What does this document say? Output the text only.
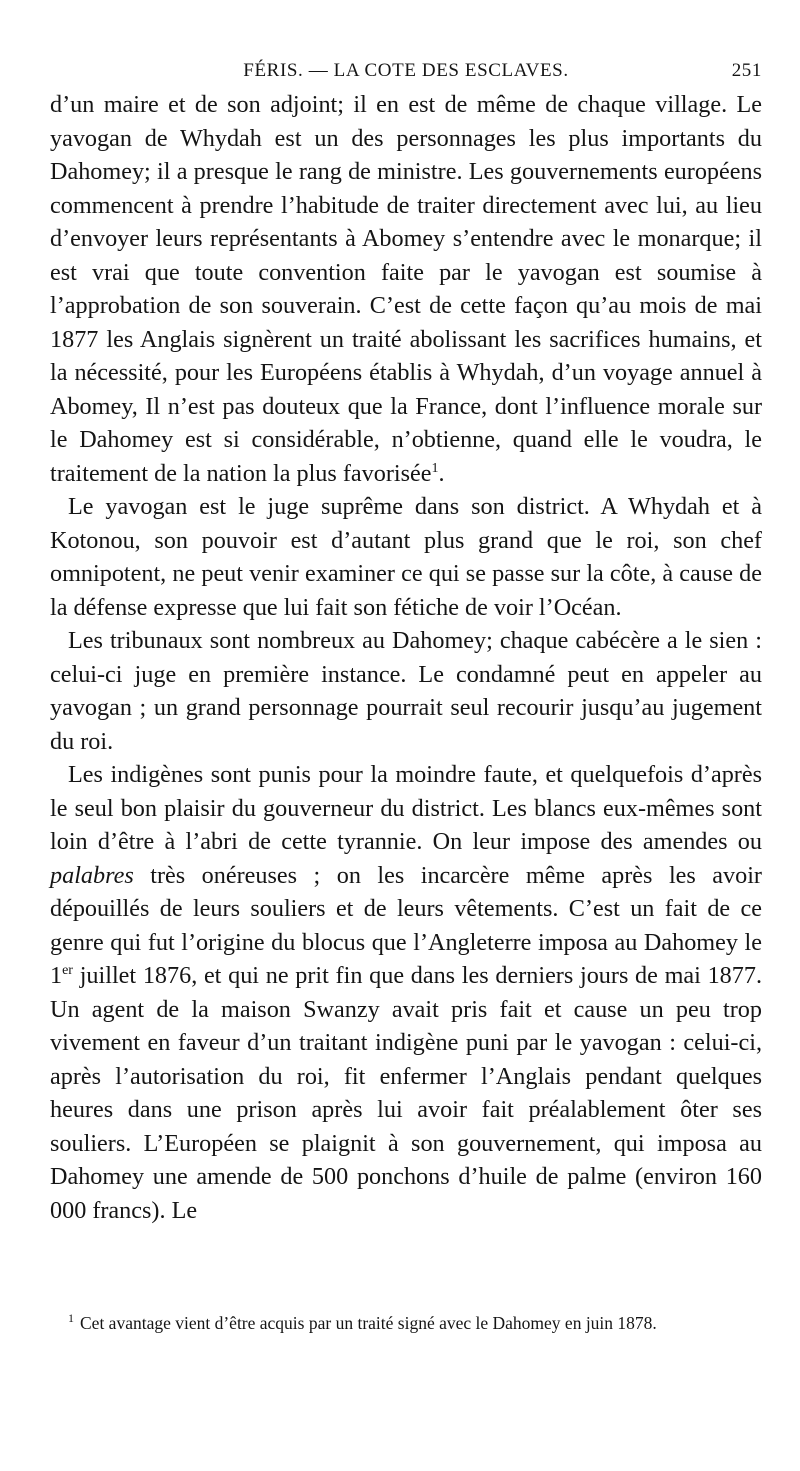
FÉRIS. — LA COTE DES ESCLAVES.	251

d’un maire et de son adjoint; il en est de même de chaque village. Le yavogan de Whydah est un des personnages les plus importants du Dahomey; il a presque le rang de ministre. Les gouvernements européens commencent à prendre l’habitude de traiter directement avec lui, au lieu d’envoyer leurs représentants à Abomey s’entendre avec le monarque; il est vrai que toute convention faite par le yavogan est soumise à l’approbation de son souverain. C’est de cette façon qu’au mois de mai 1877 les Anglais signèrent un traité abolissant les sacrifices humains, et la nécessité, pour les Européens établis à Whydah, d’un voyage annuel à Abomey, Il n’est pas douteux que la France, dont l’influence morale sur le Dahomey est si considérable, n’obtienne, quand elle le voudra, le traitement de la nation la plus favorisée$^1$.

Le yavogan est le juge suprême dans son district. A Whydah et à Kotonou, son pouvoir est d’autant plus grand que le roi, son chef omnipotent, ne peut venir examiner ce qui se passe sur la côte, à cause de la défense expresse que lui fait son fétiche de voir l’Océan.

Les tribunaux sont nombreux au Dahomey; chaque cabécère a le sien : celui-ci juge en première instance. Le condamné peut en appeler au yavogan ; un grand personnage pourrait seul recourir jusqu’au jugement du roi.

Les indigènes sont punis pour la moindre faute, et quelquefois d’après le seul bon plaisir du gouverneur du district. Les blancs eux-mêmes sont loin d’être à l’abri de cette tyrannie. On leur impose des amendes ou palabres très onéreuses ; on les incarcère même après les avoir dépouillés de leurs souliers et de leurs vêtements. C’est un fait de ce genre qui fut l’origine du blocus que l’Angleterre imposa au Dahomey le 1er juillet 1876, et qui ne prit fin que dans les derniers jours de mai 1877. Un agent de la maison Swanzy avait pris fait et cause un peu trop vivement en faveur d’un traitant indigène puni par le yavogan : celui-ci, après l’autorisation du roi, fit enfermer l’Anglais pendant quelques heures dans une prison après lui avoir fait préalablement ôter ses souliers. L’Européen se plaignit à son gouvernement, qui imposa au Dahomey une amende de 500 ponchons d’huile de palme (environ 160 000 francs). Le

$^1$ Cet avantage vient d’être acquis par un traité signé avec le Dahomey en juin 1878.
